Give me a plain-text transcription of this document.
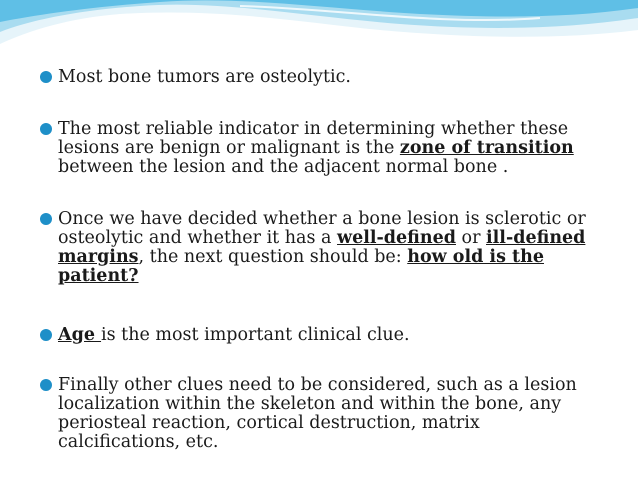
Most bone tumors are osteolytic.
The most reliable indicator in determining whether these lesions are benign or malignant is the zone of transition between the lesion and the adjacent normal bone .
Once we have decided whether a bone lesion is sclerotic or osteolytic and whether it has a well-defined or ill-defined margins, the next question should be: how old is the patient?
Age is the most important clinical clue.
Finally other clues need to be considered, such as a lesion localization within the skeleton and within the bone, any periosteal reaction, cortical destruction, matrix calcifications, etc.
